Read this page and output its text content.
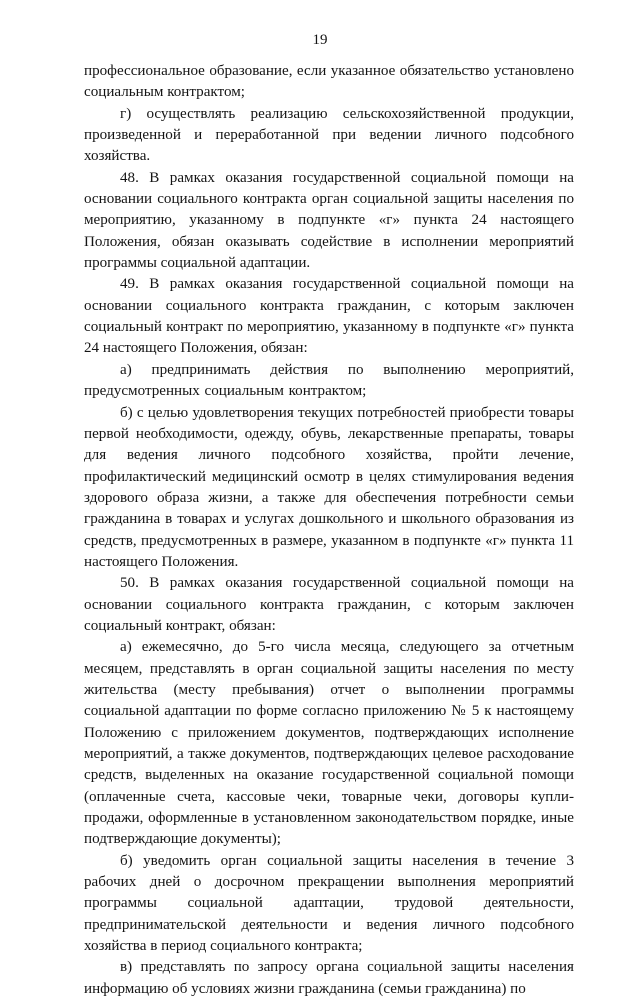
19

профессиональное образование, если указанное обязательство установлено социальным контрактом;

г) осуществлять реализацию сельскохозяйственной продукции, произведенной и переработанной при ведении личного подсобного хозяйства.

48. В рамках оказания государственной социальной помощи на основании социального контракта орган социальной защиты населения по мероприятию, указанному в подпункте «г» пункта 24 настоящего Положения, обязан оказывать содействие в исполнении мероприятий программы социальной адаптации.

49. В рамках оказания государственной социальной помощи на основании социального контракта гражданин, с которым заключен социальный контракт по мероприятию, указанному в подпункте «г» пункта 24 настоящего Положения, обязан:

а) предпринимать действия по выполнению мероприятий, предусмотренных социальным контрактом;

б) с целью удовлетворения текущих потребностей приобрести товары первой необходимости, одежду, обувь, лекарственные препараты, товары для ведения личного подсобного хозяйства, пройти лечение, профилактический медицинский осмотр в целях стимулирования ведения здорового образа жизни, а также для обеспечения потребности семьи гражданина в товарах и услугах дошкольного и школьного образования из средств, предусмотренных в размере, указанном в подпункте «г» пункта 11 настоящего Положения.

50. В рамках оказания государственной социальной помощи на основании социального контракта гражданин, с которым заключен социальный контракт, обязан:

а) ежемесячно, до 5-го числа месяца, следующего за отчетным месяцем, представлять в орган социальной защиты населения по месту жительства (месту пребывания) отчет о выполнении программы социальной адаптации по форме согласно приложению № 5 к настоящему Положению с приложением документов, подтверждающих исполнение мероприятий, а также документов, подтверждающих целевое расходование средств, выделенных на оказание государственной социальной помощи (оплаченные счета, кассовые чеки, товарные чеки, договоры купли-продажи, оформленные в установленном законодательством порядке, иные подтверждающие документы);

б) уведомить орган социальной защиты населения в течение 3 рабочих дней о досрочном прекращении выполнения мероприятий программы социальной адаптации, трудовой деятельности, предпринимательской деятельности и ведения личного подсобного хозяйства в период социального контракта;

в) представлять по запросу органа социальной защиты населения информацию об условиях жизни гражданина (семьи гражданина) по
